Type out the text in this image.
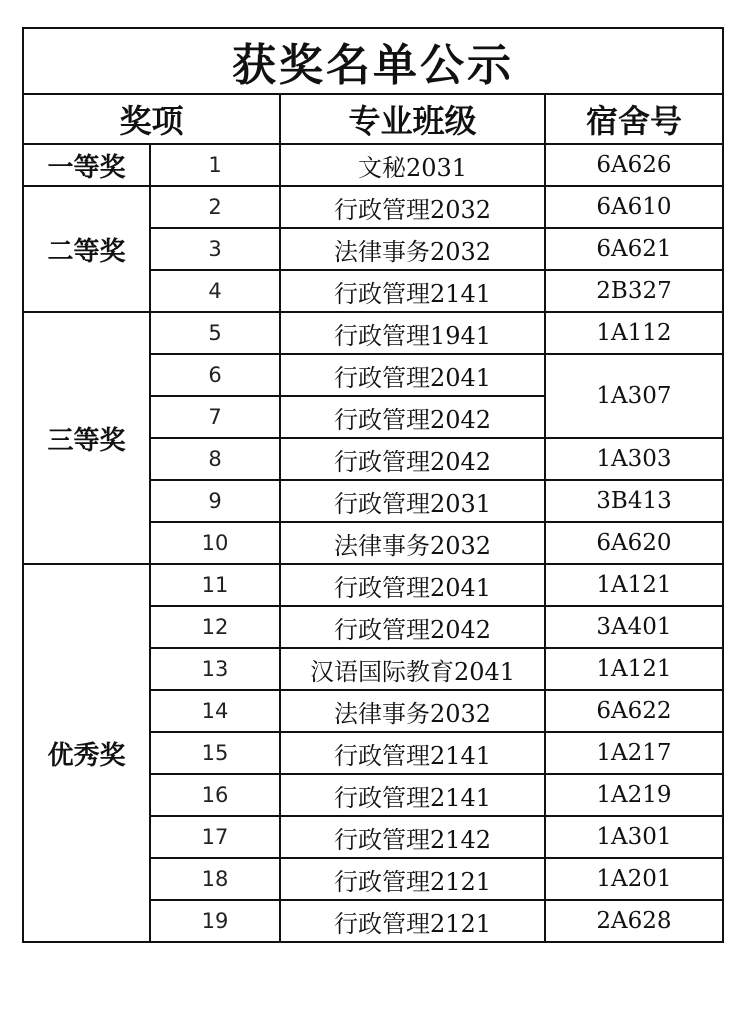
获奖名单公示			
奖项		专业班级	宿舍号
一等奖	1	文秘2031	6A626
二等奖	2	行政管理2032	6A610
	3	法律事务2032	6A621
	4	行政管理2141	2B327
三等奖	5	行政管理1941	1A112
	6	行政管理2041	1A307
	7	行政管理2042	
	8	行政管理2042	1A303
	9	行政管理2031	3B413
	10	法律事务2032	6A620
优秀奖	11	行政管理2041	1A121
	12	行政管理2042	3A401
	13	汉语国际教育2041	1A121
	14	法律事务2032	6A622
	15	行政管理2141	1A217
	16	行政管理2141	1A219
	17	行政管理2142	1A301
	18	行政管理2121	1A201
	19	行政管理2121	2A628
